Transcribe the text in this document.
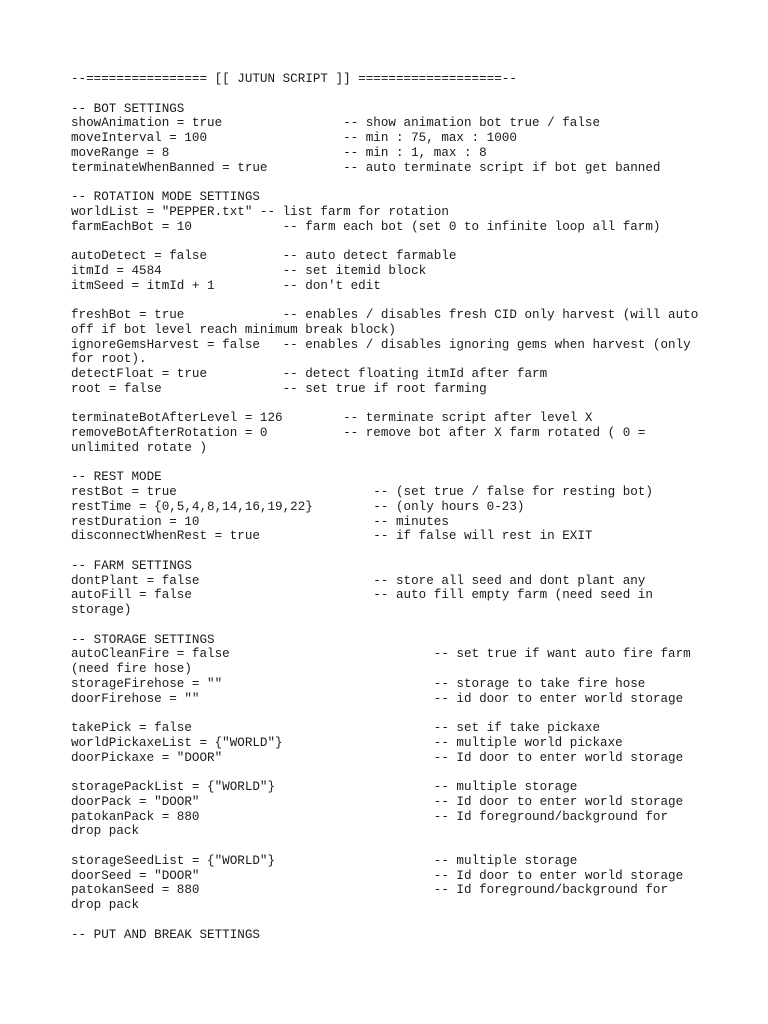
--================ [[ JUTUN SCRIPT ]] ===================--
-- BOT SETTINGS
showAnimation = true                -- show animation bot true / false
moveInterval = 100                  -- min : 75, max : 1000
moveRange = 8                       -- min : 1, max : 8
terminateWhenBanned = true          -- auto terminate script if bot get banned
-- ROTATION MODE SETTINGS
worldList = "PEPPER.txt" -- list farm for rotation
farmEachBot = 10            -- farm each bot (set 0 to infinite loop all farm)
autoDetect = false          -- auto detect farmable
itmId = 4584                -- set itemid block
itmSeed = itmId + 1         -- don't edit
freshBot = true             -- enables / disables fresh CID only harvest (will auto
off if bot level reach minimum break block)
ignoreGemsHarvest = false   -- enables / disables ignoring gems when harvest (only
for root).
detectFloat = true          -- detect floating itmId after farm
root = false                -- set true if root farming
terminateBotAfterLevel = 126        -- terminate script after level X
removeBotAfterRotation = 0          -- remove bot after X farm rotated ( 0 =
unlimited rotate )
-- REST MODE
restBot = true                          -- (set true / false for resting bot)
restTime = {0,5,4,8,14,16,19,22}        -- (only hours 0-23)
restDuration = 10                       -- minutes
disconnectWhenRest = true               -- if false will rest in EXIT
-- FARM SETTINGS
dontPlant = false                       -- store all seed and dont plant any
autoFill = false                        -- auto fill empty farm (need seed in
storage)
-- STORAGE SETTINGS
autoCleanFire = false                           -- set true if want auto fire farm
(need fire hose)
storageFirehose = ""                            -- storage to take fire hose
doorFirehose = ""                               -- id door to enter world storage
takePick = false                                -- set if take pickaxe
worldPickaxeList = {"WORLD"}                    -- multiple world pickaxe
doorPickaxe = "DOOR"                            -- Id door to enter world storage
storagePackList = {"WORLD"}                     -- multiple storage
doorPack = "DOOR"                               -- Id door to enter world storage
patokanPack = 880                               -- Id foreground/background for
drop pack
storageSeedList = {"WORLD"}                     -- multiple storage
doorSeed = "DOOR"                               -- Id door to enter world storage
patokanSeed = 880                               -- Id foreground/background for
drop pack
-- PUT AND BREAK SETTINGS
